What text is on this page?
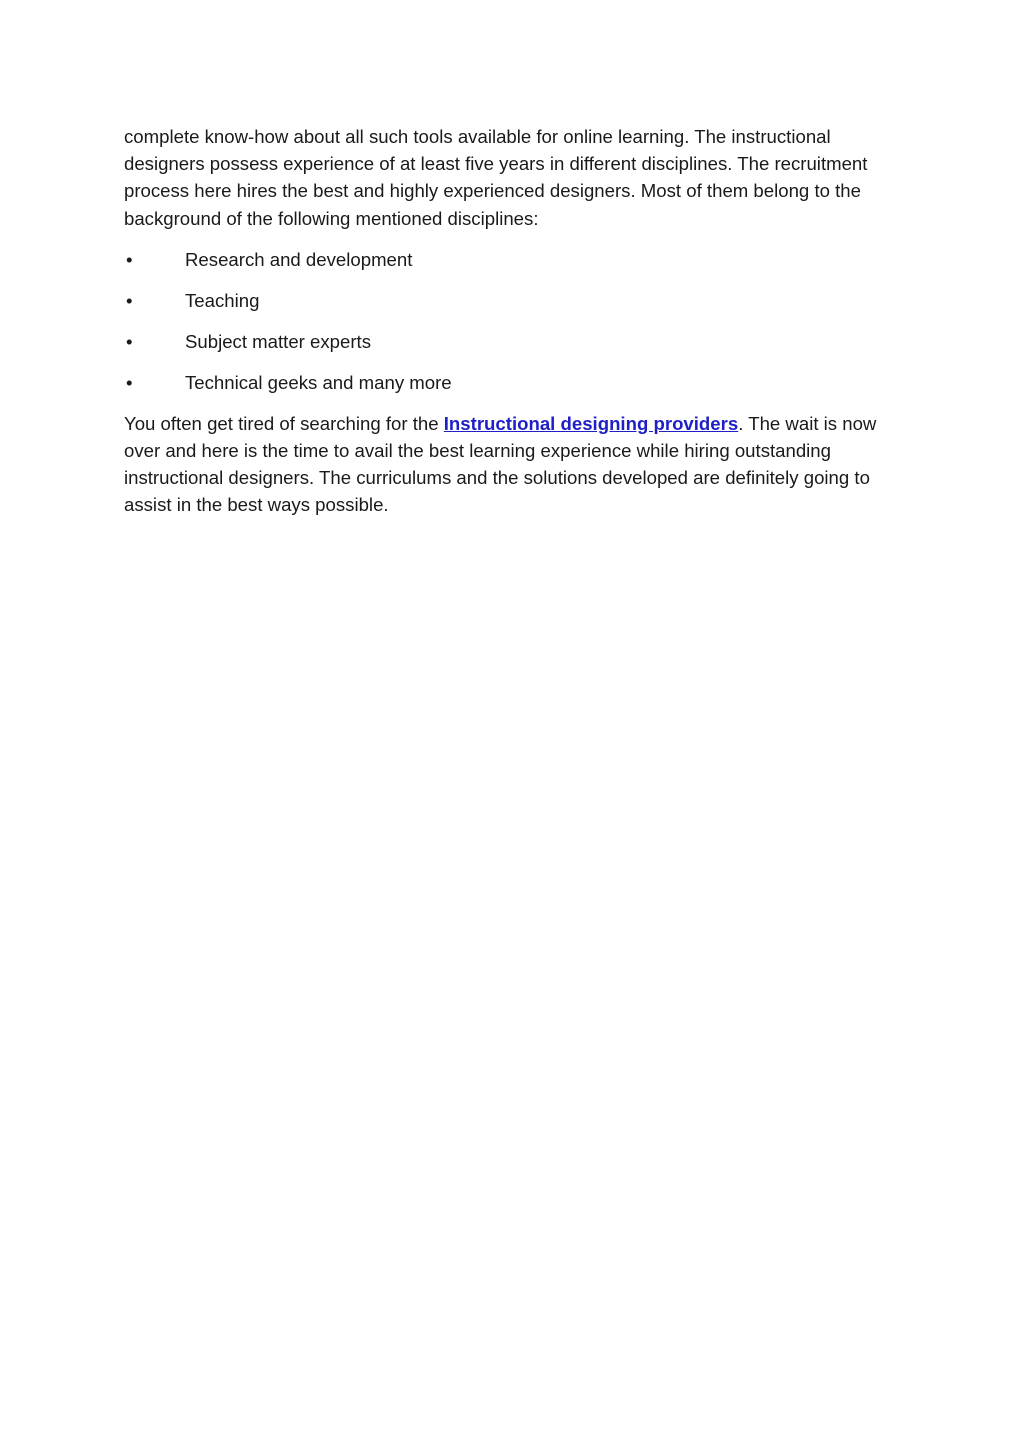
complete know-how about all such tools available for online learning. The instructional designers possess experience of at least five years in different disciplines. The recruitment process here hires the best and highly experienced designers. Most of them belong to the background of the following mentioned disciplines:

•	Research and development
•	Teaching
•	Subject matter experts
•	Technical geeks and many more

You often get tired of searching for the Instructional designing providers. The wait is now over and here is the time to avail the best learning experience while hiring outstanding instructional designers. The curriculums and the solutions developed are definitely going to assist in the best ways possible.
